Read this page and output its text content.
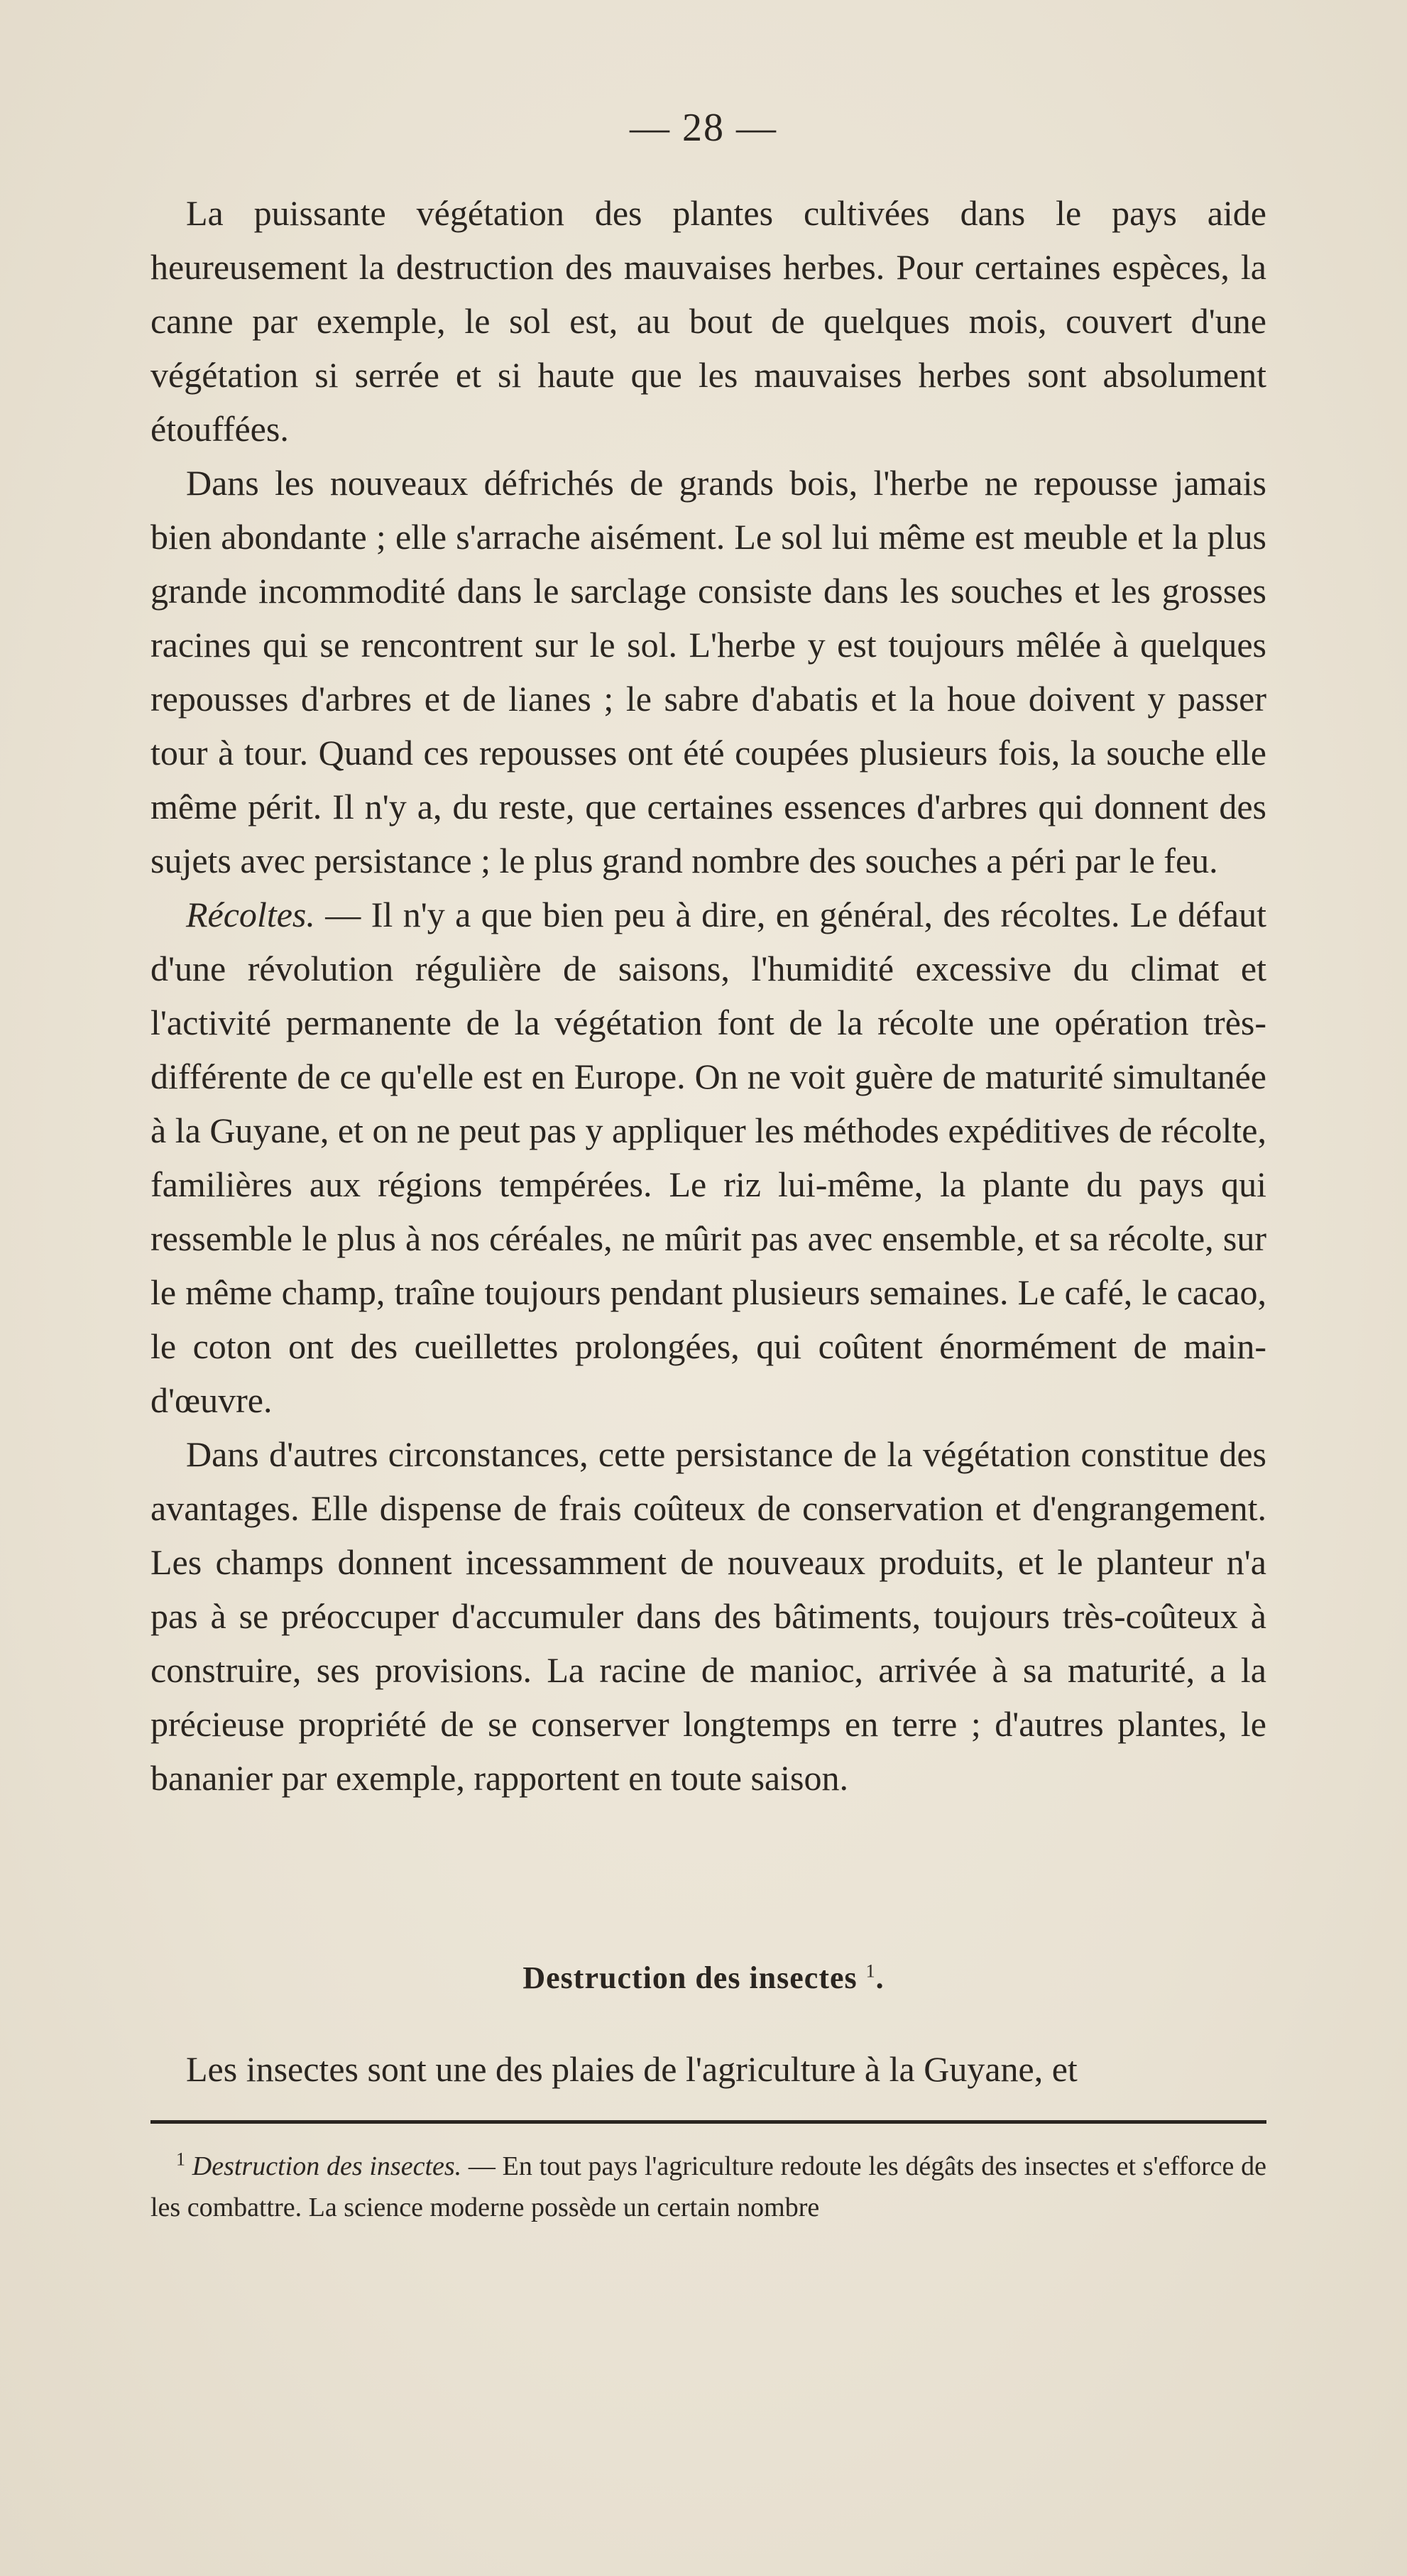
— 28 —

La puissante végétation des plantes cultivées dans le pays aide heureusement la destruction des mauvaises herbes. Pour certaines espèces, la canne par exemple, le sol est, au bout de quelques mois, couvert d'une végétation si serrée et si haute que les mauvaises herbes sont absolument étouffées.

Dans les nouveaux défrichés de grands bois, l'herbe ne repousse jamais bien abondante ; elle s'arrache aisément. Le sol lui même est meuble et la plus grande incommodité dans le sarclage consiste dans les souches et les grosses racines qui se rencontrent sur le sol. L'herbe y est toujours mêlée à quelques repousses d'arbres et de lianes ; le sabre d'abatis et la houe doivent y passer tour à tour. Quand ces repousses ont été coupées plusieurs fois, la souche elle même périt. Il n'y a, du reste, que certaines essences d'arbres qui donnent des sujets avec persistance ; le plus grand nombre des souches a péri par le feu.

Récoltes. — Il n'y a que bien peu à dire, en général, des récoltes. Le défaut d'une révolution régulière de saisons, l'humidité excessive du climat et l'activité permanente de la végétation font de la récolte une opération très-différente de ce qu'elle est en Europe. On ne voit guère de maturité simultanée à la Guyane, et on ne peut pas y appliquer les méthodes expéditives de récolte, familières aux régions tempérées. Le riz lui-même, la plante du pays qui ressemble le plus à nos céréales, ne mûrit pas avec ensemble, et sa récolte, sur le même champ, traîne toujours pendant plusieurs semaines. Le café, le cacao, le coton ont des cueillettes prolongées, qui coûtent énormément de main-d'œuvre.

Dans d'autres circonstances, cette persistance de la végétation constitue des avantages. Elle dispense de frais coûteux de conservation et d'engrangement. Les champs donnent incessamment de nouveaux produits, et le planteur n'a pas à se préoccuper d'accumuler dans des bâtiments, toujours très-coûteux à construire, ses provisions. La racine de manioc, arrivée à sa maturité, a la précieuse propriété de se conserver longtemps en terre ; d'autres plantes, le bananier par exemple, rapportent en toute saison.

Destruction des insectes $^1$.
Les insectes sont une des plaies de l'agriculture à la Guyane, et
$^1$ Destruction des insectes. — En tout pays l'agriculture redoute les dégâts des insectes et s'efforce de les combattre. La science moderne possède un certain nombre
